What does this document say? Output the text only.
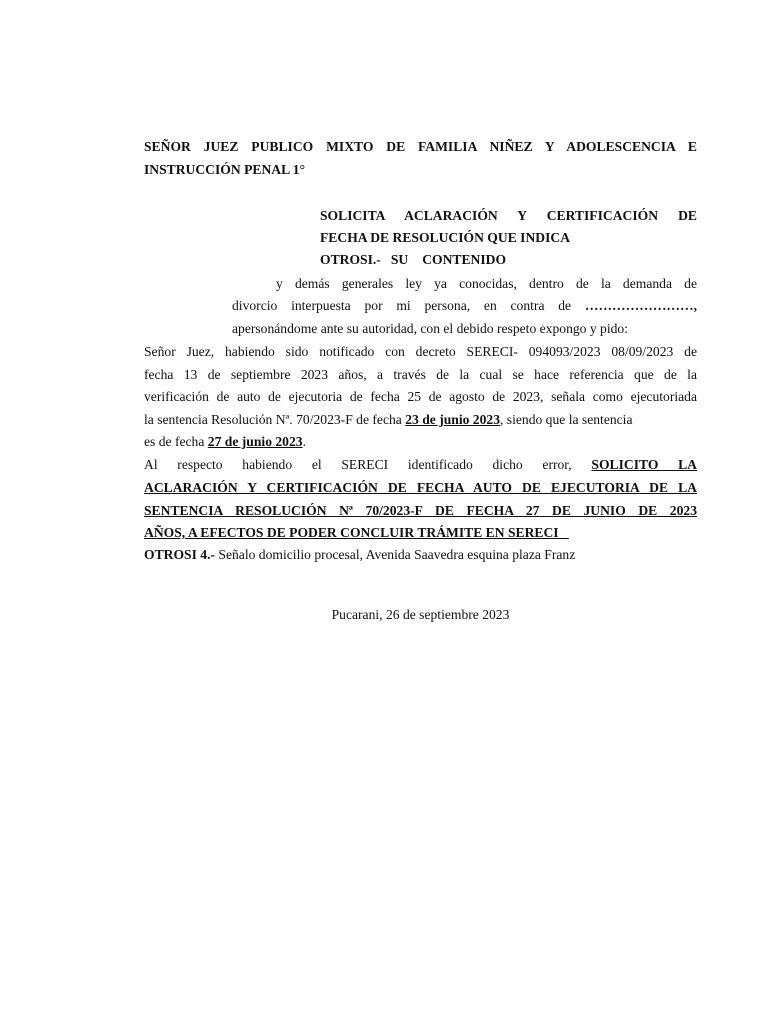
SEÑOR JUEZ PUBLICO MIXTO DE FAMILIA NIÑEZ Y ADOLESCENCIA E
INSTRUCCIÓN PENAL 1°
SOLICITA ACLARACIÓN Y CERTIFICACIÓN DE
FECHA DE RESOLUCIÓN QUE INDICA
OTROSI.- SU CONTENIDO
y demás generales ley ya conocidas, dentro de la demanda de
divorcio interpuesta por mi persona, en contra de ……………………,
apersonándome ante su autoridad, con el debido respeto expongo y pido:
Señor Juez, habiendo sido notificado con decreto SERECI- 094093/2023 08/09/2023 de
fecha 13 de septiembre 2023 años, a través de la cual se hace referencia que de la
verificación de auto de ejecutoria de fecha 25 de agosto de 2023, señala como ejecutoriada
la sentencia Resolución Nª. 70/2023-F de fecha 23 de junio 2023, siendo que la sentencia
es de fecha 27 de junio 2023.
Al respecto habiendo el SERECI identificado dicho error, SOLICITO LA
ACLARACIÓN Y CERTIFICACIÓN DE FECHA AUTO DE EJECUTORIA DE LA
SENTENCIA RESOLUCIÓN Nª 70/2023-F DE FECHA 27 DE JUNIO DE 2023
AÑOS, A EFECTOS DE PODER CONCLUIR TRÁMITE EN SERECI
OTROSI 4.- Señalo domicilio procesal, Avenida Saavedra esquina plaza Franz
Pucarani, 26 de septiembre 2023
